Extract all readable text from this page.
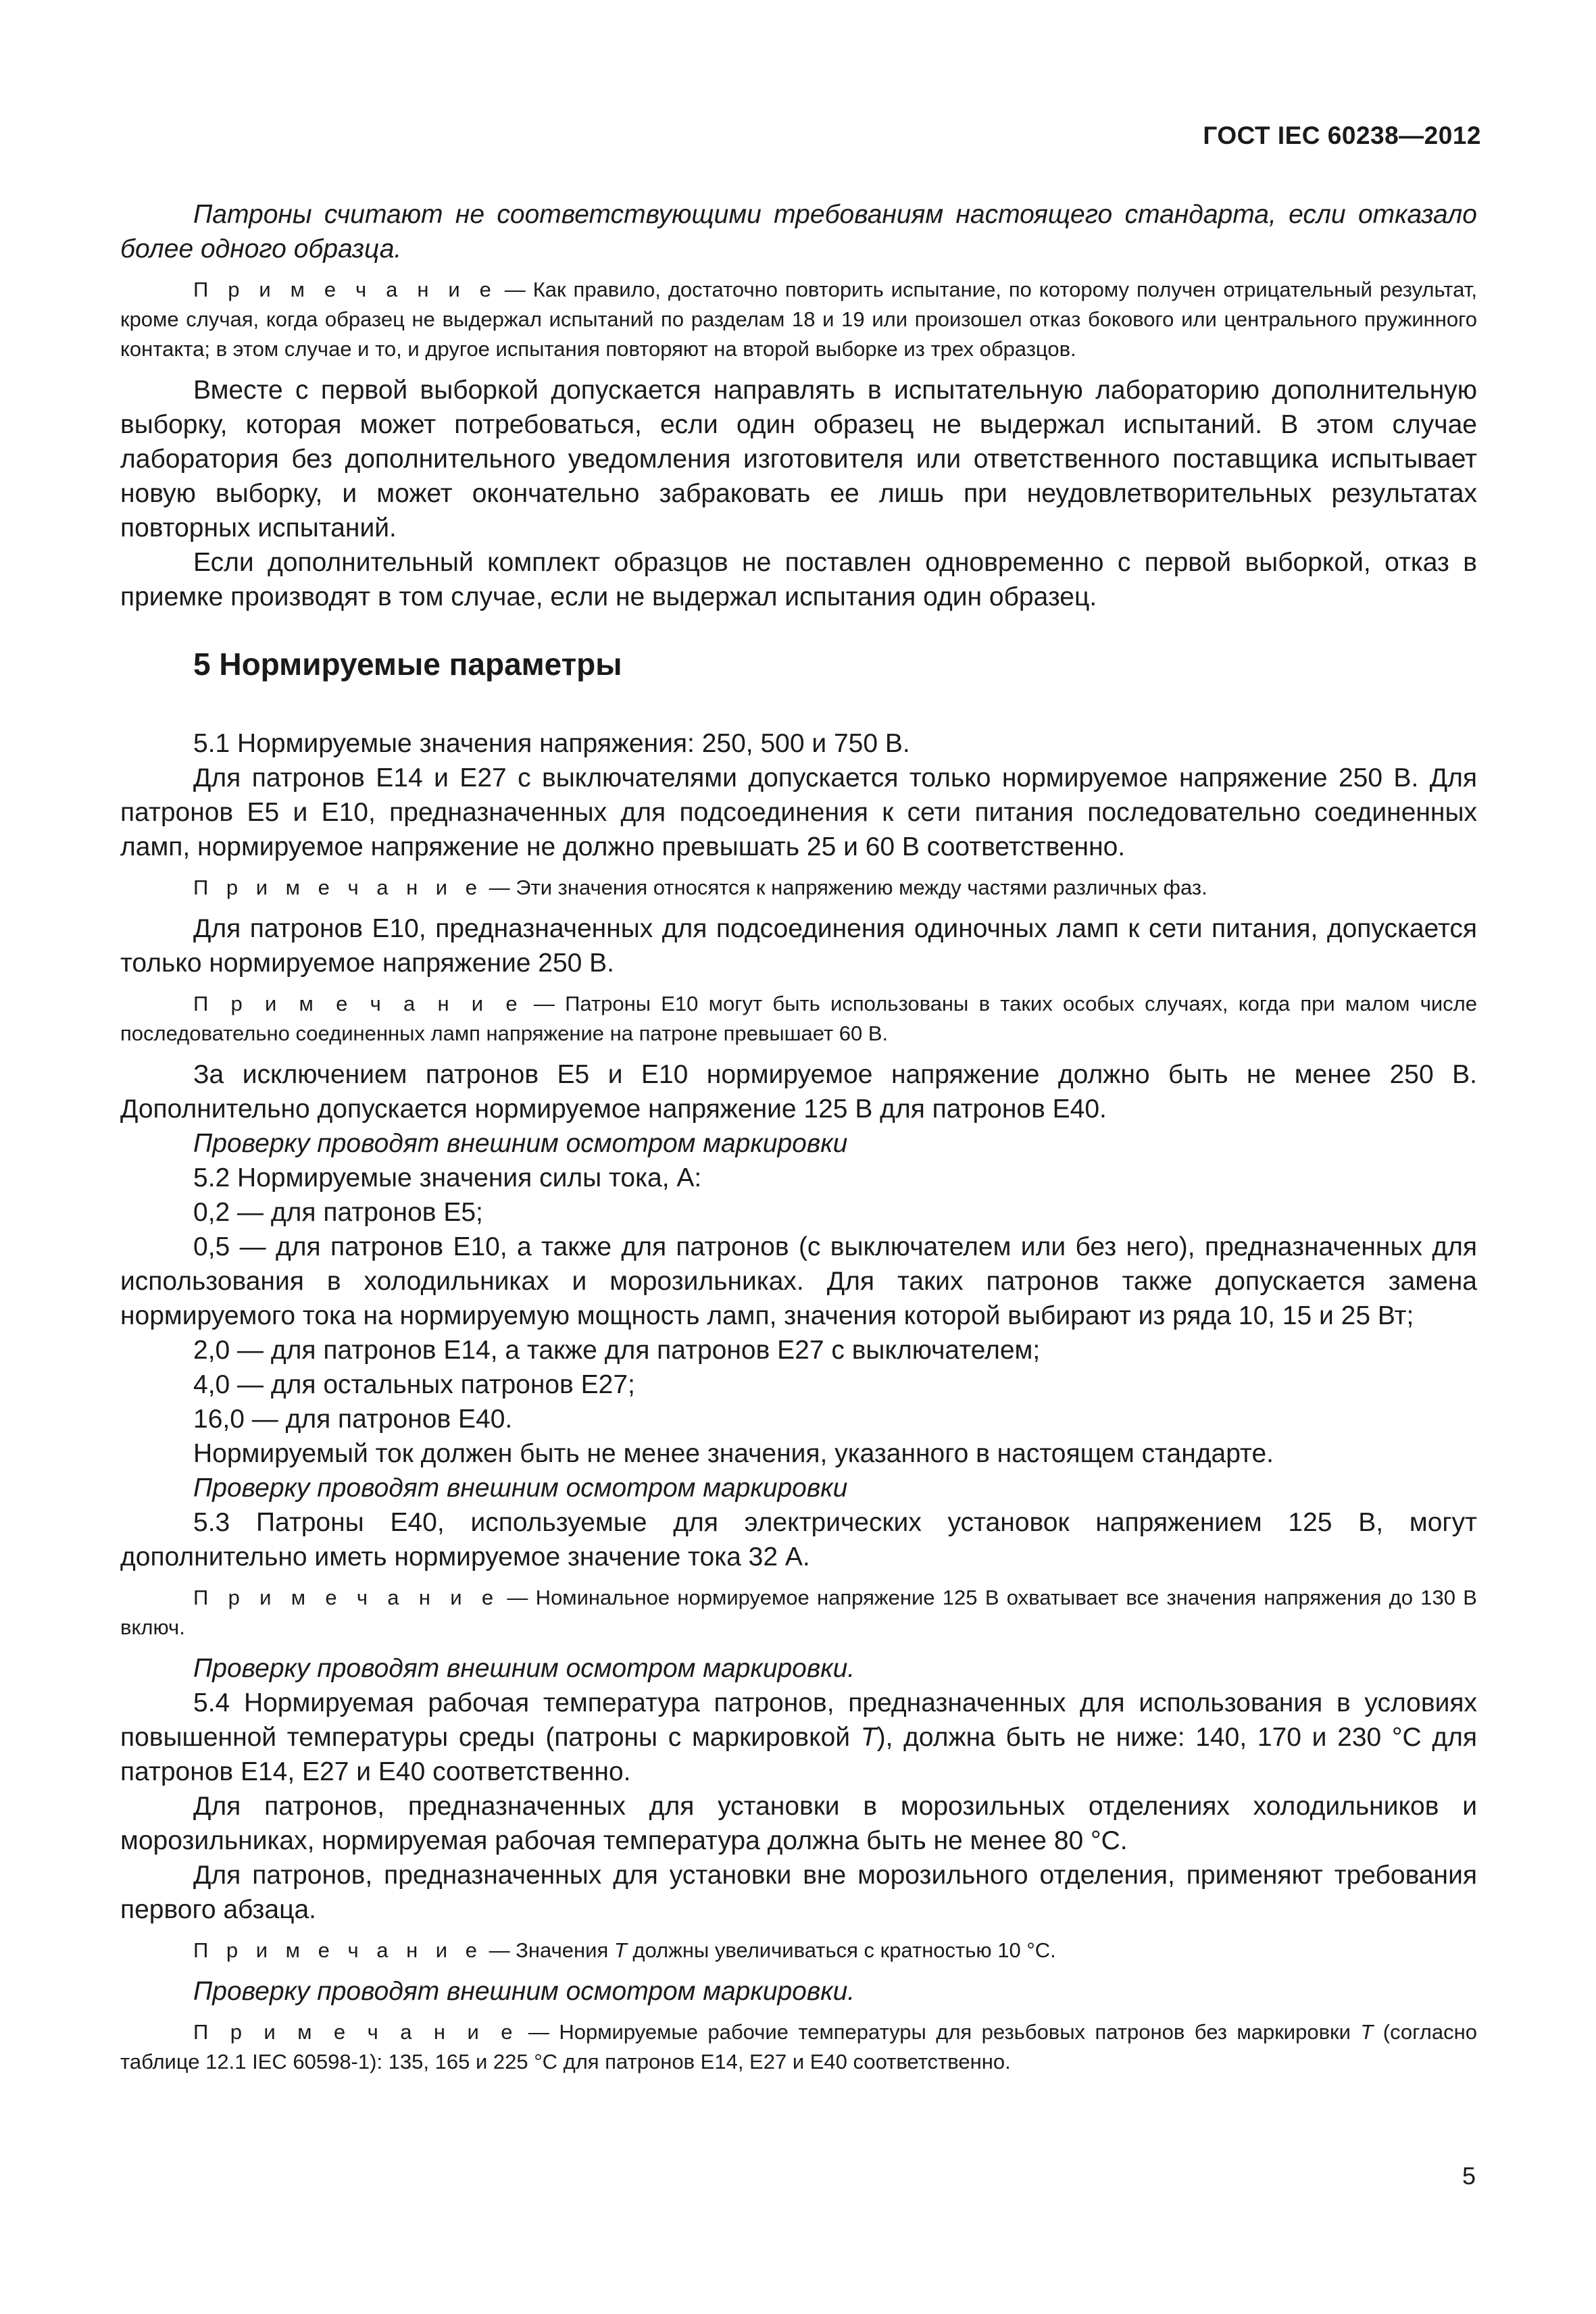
ГОСТ IEC 60238—2012

Патроны считают не соответствующими требованиям настоящего стандарта, если отказало более одного образца.

П р и м е ч а н и е — Как правило, достаточно повторить испытание, по которому получен отрицательный результат, кроме случая, когда образец не выдержал испытаний по разделам 18 и 19 или произошел отказ бокового или центрального пружинного контакта; в этом случае и то, и другое испытания повторяют на второй выборке из трех образцов.

Вместе с первой выборкой допускается направлять в испытательную лабораторию дополнительную выборку, которая может потребоваться, если один образец не выдержал испытаний. В этом случае лаборатория без дополнительного уведомления изготовителя или ответственного поставщика испытывает новую выборку, и может окончательно забраковать ее лишь при неудовлетворительных результатах повторных испытаний.

Если дополнительный комплект образцов не поставлен одновременно с первой выборкой, отказ в приемке производят в том случае, если не выдержал испытания один образец.

5 Нормируемые параметры

5.1 Нормируемые значения напряжения: 250, 500 и 750 В.

Для патронов Е14 и Е27 с выключателями допускается только нормируемое напряжение 250 В. Для патронов Е5 и Е10, предназначенных для подсоединения к сети питания последовательно соединенных ламп, нормируемое напряжение не должно превышать 25 и 60 В соответственно.

П р и м е ч а н и е — Эти значения относятся к напряжению между частями различных фаз.

Для патронов Е10, предназначенных для подсоединения одиночных ламп к сети питания, допускается только нормируемое напряжение 250 В.

П р и м е ч а н и е — Патроны Е10 могут быть использованы в таких особых случаях, когда при малом числе последовательно соединенных ламп напряжение на патроне превышает 60 В.

За исключением патронов Е5 и Е10 нормируемое напряжение должно быть не менее 250 В. Дополнительно допускается нормируемое напряжение 125 В для патронов Е40.

Проверку проводят внешним осмотром маркировки

5.2 Нормируемые значения силы тока, А:

0,2 — для патронов Е5;

0,5 — для патронов Е10, а также для патронов (с выключателем или без него), предназначенных для использования в холодильниках и морозильниках. Для таких патронов также допускается замена нормируемого тока на нормируемую мощность ламп, значения которой выбирают из ряда 10, 15 и 25 Вт;

2,0 — для патронов Е14, а также для патронов Е27 с выключателем;

4,0 — для остальных патронов Е27;

16,0 — для патронов Е40.

Нормируемый ток должен быть не менее значения, указанного в настоящем стандарте.

Проверку проводят внешним осмотром маркировки

5.3 Патроны Е40, используемые для электрических установок напряжением 125 В, могут дополнительно иметь нормируемое значение тока 32 А.

П р и м е ч а н и е — Номинальное нормируемое напряжение 125 В охватывает все значения напряжения до 130 В включ.

Проверку проводят внешним осмотром маркировки.

5.4 Нормируемая рабочая температура патронов, предназначенных для использования в условиях повышенной температуры среды (патроны с маркировкой Т), должна быть не ниже: 140, 170 и 230 °С для патронов Е14, Е27 и Е40 соответственно.

Для патронов, предназначенных для установки в морозильных отделениях холодильников и морозильниках, нормируемая рабочая температура должна быть не менее 80 °С.

Для патронов, предназначенных для установки вне морозильного отделения, применяют требования первого абзаца.

П р и м е ч а н и е — Значения Т должны увеличиваться с кратностью 10 °С.

Проверку проводят внешним осмотром маркировки.

П р и м е ч а н и е — Нормируемые рабочие температуры для резьбовых патронов без маркировки Т (согласно таблице 12.1 IEC 60598-1): 135, 165 и 225 °С для патронов Е14, Е27 и Е40 соответственно.

5
